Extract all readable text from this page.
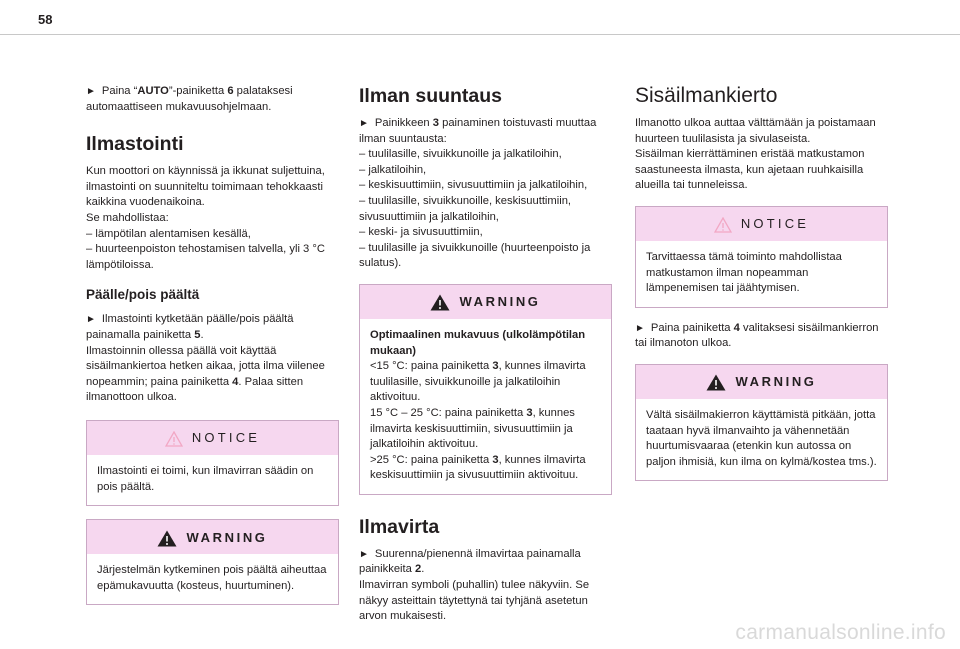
58

► Paina “AUTO”-painiketta 6 palataksesi automaattiseen mukavuusohjelmaan.

Ilmastointi

Kun moottori on käynnissä ja ikkunat suljettuina, ilmastointi on suunniteltu toimimaan tehokkaasti kaikkina vuodenaikoina.
Se mahdollistaa:
– lämpötilan alentamisen kesällä,
– huurteenpoiston tehostamisen talvella, yli 3 °C lämpötiloissa.

Päälle/pois päältä

► Ilmastointi kytketään päälle/pois päältä painamalla painiketta 5.
Ilmastoinnin ollessa päällä voit käyttää sisäilmankiertoa hetken aikaa, jotta ilma viilenee nopeammin; paina painiketta 4. Palaa sitten ilmanottoon ulkoa.

NOTICE

Ilmastointi ei toimi, kun ilmavirran säädin on pois päältä.

WARNING

Järjestelmän kytkeminen pois päältä aiheuttaa epämukavuutta (kosteus, huurtuminen).

Ilman suuntaus

► Painikkeen 3 painaminen toistuvasti muuttaa ilman suuntausta:

– tuulilasille, sivuikkunoille ja jalkatiloihin,
– jalkatiloihin,
– keskisuuttimiin, sivusuuttimiin ja jalkatiloihin,
– tuulilasille, sivuikkunoille, keskisuuttimiin, sivusuuttimiin ja jalkatiloihin,
– keski- ja sivusuuttimiin,
– tuulilasille ja sivuikkunoille (huurteenpoisto ja sulatus).

WARNING

Optimaalinen mukavuus (ulkolämpötilan mukaan)

<15 °C: paina painiketta 3, kunnes ilmavirta tuulilasille, sivuikkunoille ja jalkatiloihin aktivoituu.

15 °C – 25 °C: paina painiketta 3, kunnes ilmavirta keskisuuttimiin, sivusuuttimiin ja jalkatiloihin aktivoituu.

>25 °C: paina painiketta 3, kunnes ilmavirta keskisuuttimiin ja sivusuuttimiin aktivoituu.

Ilmavirta

► Suurenna/pienennä ilmavirtaa painamalla painikkeita 2.
Ilmavirran symboli (puhallin) tulee näkyviin. Se näkyy asteittain täytettynä tai tyhjänä asetetun arvon mukaisesti.

Sisäilmankierto

Ilmanotto ulkoa auttaa välttämään ja poistamaan huurteen tuulilasista ja sivulaseista.
Sisäilman kierrättäminen eristää matkustamon saastuneesta ilmasta, kun ajetaan ruuhkaisilla alueilla tai tunneleissa.

NOTICE

Tarvittaessa tämä toiminto mahdollistaa matkustamon ilman nopeamman lämpenemisen tai jäähtymisen.

► Paina painiketta 4 valitaksesi sisäilmankierron tai ilmanoton ulkoa.

WARNING

Vältä sisäilmakierron käyttämistä pitkään, jotta taataan hyvä ilmanvaihto ja vähennetään huurtumisvaaraa (etenkin kun autossa on paljon ihmisiä, kun ilma on kylmä/kostea tms.).

carmanualsonline.info
